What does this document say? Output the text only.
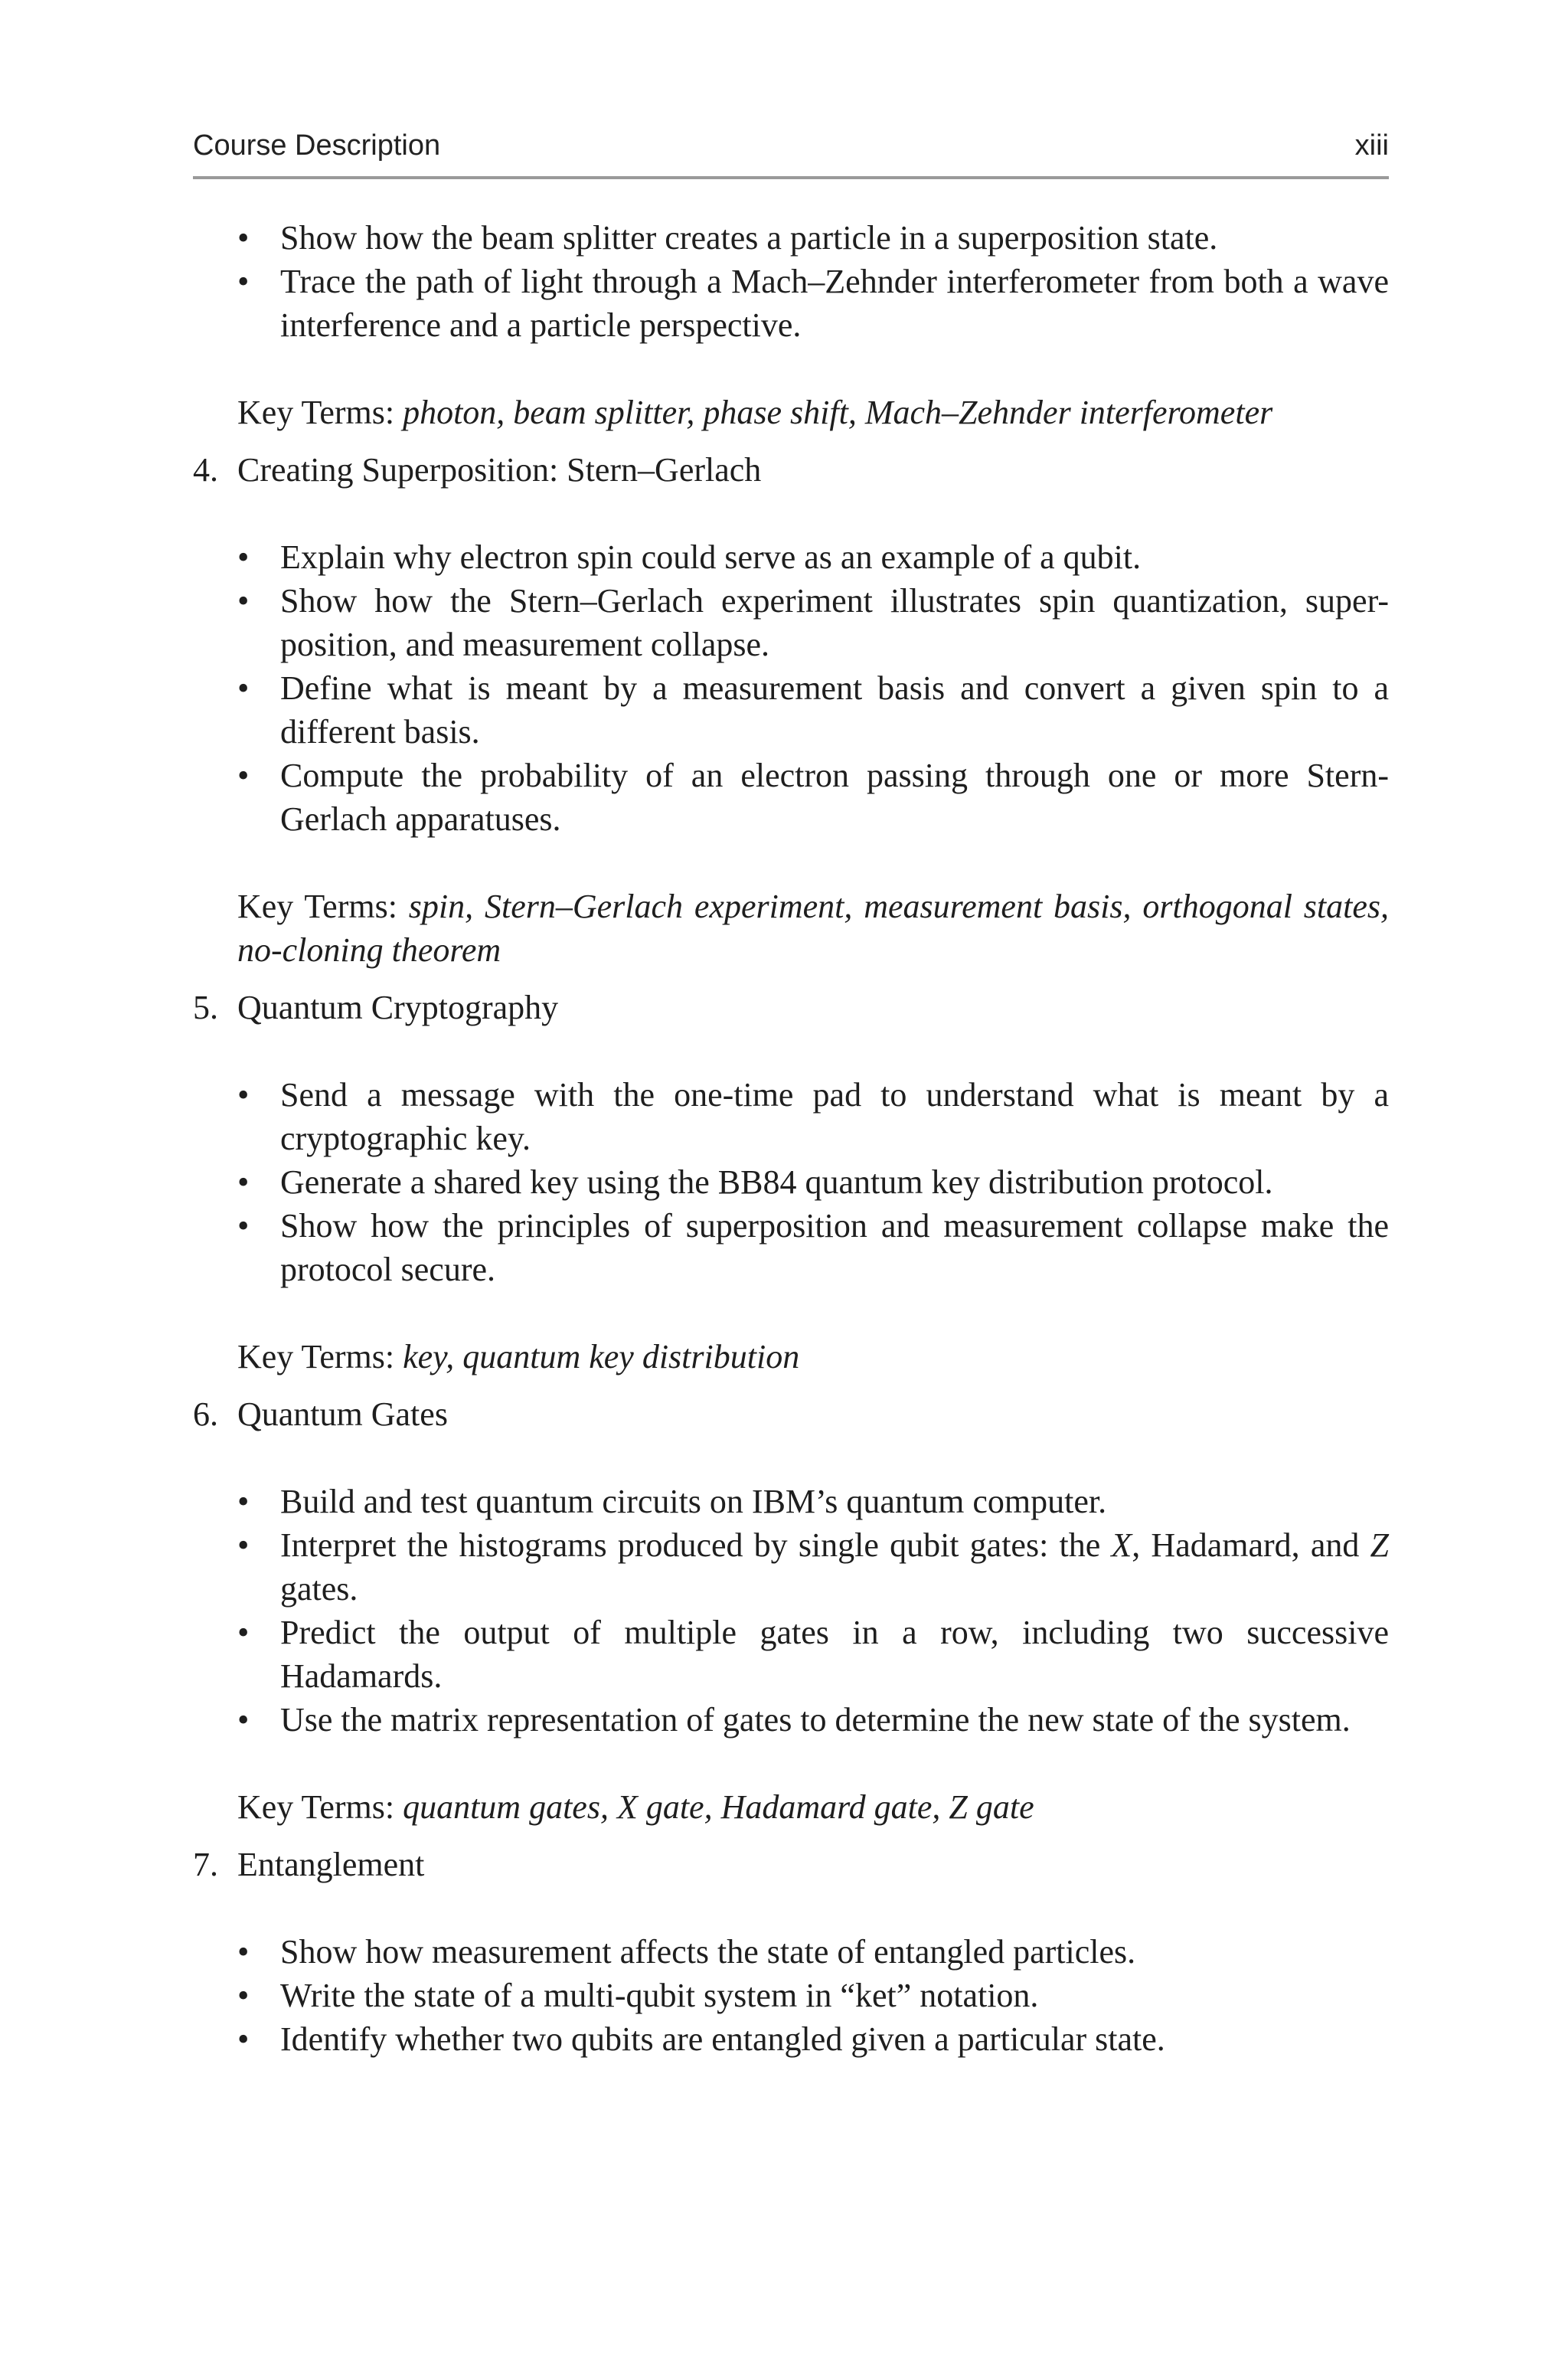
Course Description	xiii
• Show how the beam splitter creates a particle in a superposition state.
• Trace the path of light through a Mach–Zehnder interferometer from both a wave interference and a particle perspective.
Key Terms: photon, beam splitter, phase shift, Mach–Zehnder interferometer
4. Creating Superposition: Stern–Gerlach
• Explain why electron spin could serve as an example of a qubit.
• Show how the Stern–Gerlach experiment illustrates spin quantization, super-position, and measurement collapse.
• Define what is meant by a measurement basis and convert a given spin to a different basis.
• Compute the probability of an electron passing through one or more Stern-Gerlach apparatuses.
Key Terms: spin, Stern–Gerlach experiment, measurement basis, orthogonal states, no-cloning theorem
5. Quantum Cryptography
• Send a message with the one-time pad to understand what is meant by a cryptographic key.
• Generate a shared key using the BB84 quantum key distribution protocol.
• Show how the principles of superposition and measurement collapse make the protocol secure.
Key Terms: key, quantum key distribution
6. Quantum Gates
• Build and test quantum circuits on IBM’s quantum computer.
• Interpret the histograms produced by single qubit gates: the X, Hadamard, and Z gates.
• Predict the output of multiple gates in a row, including two successive Hadamards.
• Use the matrix representation of gates to determine the new state of the system.
Key Terms: quantum gates, X gate, Hadamard gate, Z gate
7. Entanglement
• Show how measurement affects the state of entangled particles.
• Write the state of a multi-qubit system in “ket” notation.
• Identify whether two qubits are entangled given a particular state.
